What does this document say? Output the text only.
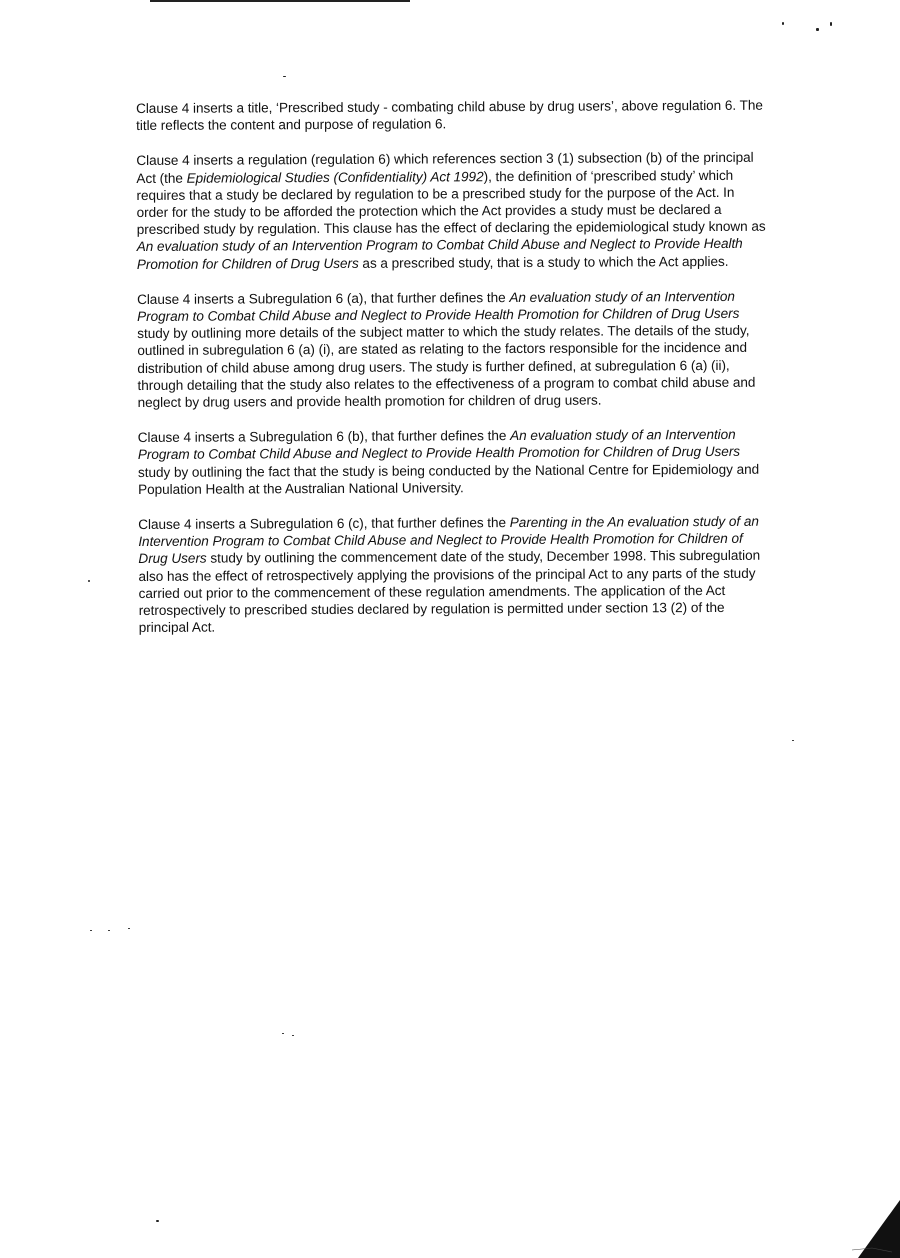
Clause 4 inserts a title, ‘Prescribed study - combating child abuse by drug users’, above regulation 6. The title reflects the content and purpose of regulation 6.

Clause 4 inserts a regulation (regulation 6) which references section 3 (1) subsection (b) of the principal Act (the Epidemiological Studies (Confidentiality) Act 1992), the definition of ‘prescribed study’ which requires that a study be declared by regulation to be a prescribed study for the purpose of the Act. In order for the study to be afforded the protection which the Act provides a study must be declared a prescribed study by regulation. This clause has the effect of declaring the epidemiological study known as An evaluation study of an Intervention Program to Combat Child Abuse and Neglect to Provide Health Promotion for Children of Drug Users as a prescribed study, that is a study to which the Act applies.

Clause 4 inserts a Subregulation 6 (a), that further defines the An evaluation study of an Intervention Program to Combat Child Abuse and Neglect to Provide Health Promotion for Children of Drug Users study by outlining more details of the subject matter to which the study relates. The details of the study, outlined in subregulation 6 (a) (i), are stated as relating to the factors responsible for the incidence and distribution of child abuse among drug users. The study is further defined, at subregulation 6 (a) (ii), through detailing that the study also relates to the effectiveness of a program to combat child abuse and neglect by drug users and provide health promotion for children of drug users.

Clause 4 inserts a Subregulation 6 (b), that further defines the An evaluation study of an Intervention Program to Combat Child Abuse and Neglect to Provide Health Promotion for Children of Drug Users study by outlining the fact that the study is being conducted by the National Centre for Epidemiology and Population Health at the Australian National University.

Clause 4 inserts a Subregulation 6 (c), that further defines the Parenting in the An evaluation study of an Intervention Program to Combat Child Abuse and Neglect to Provide Health Promotion for Children of Drug Users study by outlining the commencement date of the study, December 1998. This subregulation also has the effect of retrospectively applying the provisions of the principal Act to any parts of the study carried out prior to the commencement of these regulation amendments. The application of the Act retrospectively to prescribed studies declared by regulation is permitted under section 13 (2) of the principal Act.
